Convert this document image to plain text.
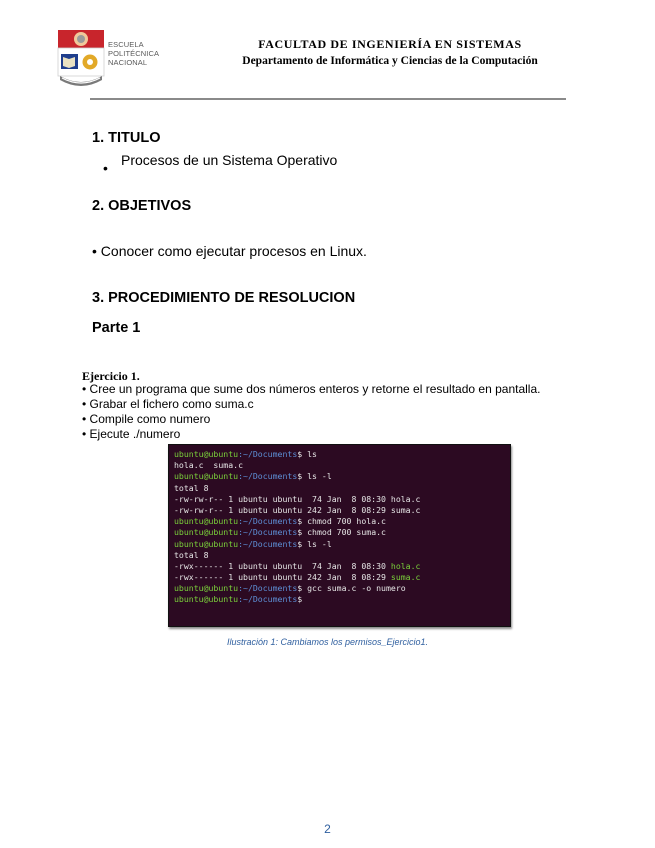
ESCUELA
POLITÉCNICA
NACIONAL
FACULTAD DE INGENIERÍA EN SISTEMAS
Departamento de Informática y Ciencias de la Computación
1. TITULO
• Procesos de un Sistema Operativo
2. OBJETIVOS
• Conocer como ejecutar procesos en Linux.
3. PROCEDIMIENTO DE RESOLUCION
Parte 1
Ejercicio 1.
• Cree un programa que sume dos números enteros y retorne el resultado en pantalla.
• Grabar el fichero como suma.c
• Compile como numero
• Ejecute ./numero
ubuntu@ubuntu:~/Documents$ ls
hola.c  suma.c
ubuntu@ubuntu:~/Documents$ ls -l
total 8
-rw-rw-r-- 1 ubuntu ubuntu  74 Jan  8 08:30 hola.c
-rw-rw-r-- 1 ubuntu ubuntu 242 Jan  8 08:29 suma.c
ubuntu@ubuntu:~/Documents$ chmod 700 hola.c
ubuntu@ubuntu:~/Documents$ chmod 700 suma.c
ubuntu@ubuntu:~/Documents$ ls -l
total 8
-rwx------ 1 ubuntu ubuntu  74 Jan  8 08:30 hola.c
-rwx------ 1 ubuntu ubuntu 242 Jan  8 08:29 suma.c
ubuntu@ubuntu:~/Documents$ gcc suma.c -o numero
ubuntu@ubuntu:~/Documents$
Ilustración 1: Cambiamos los permisos_Ejercicio1.
2
